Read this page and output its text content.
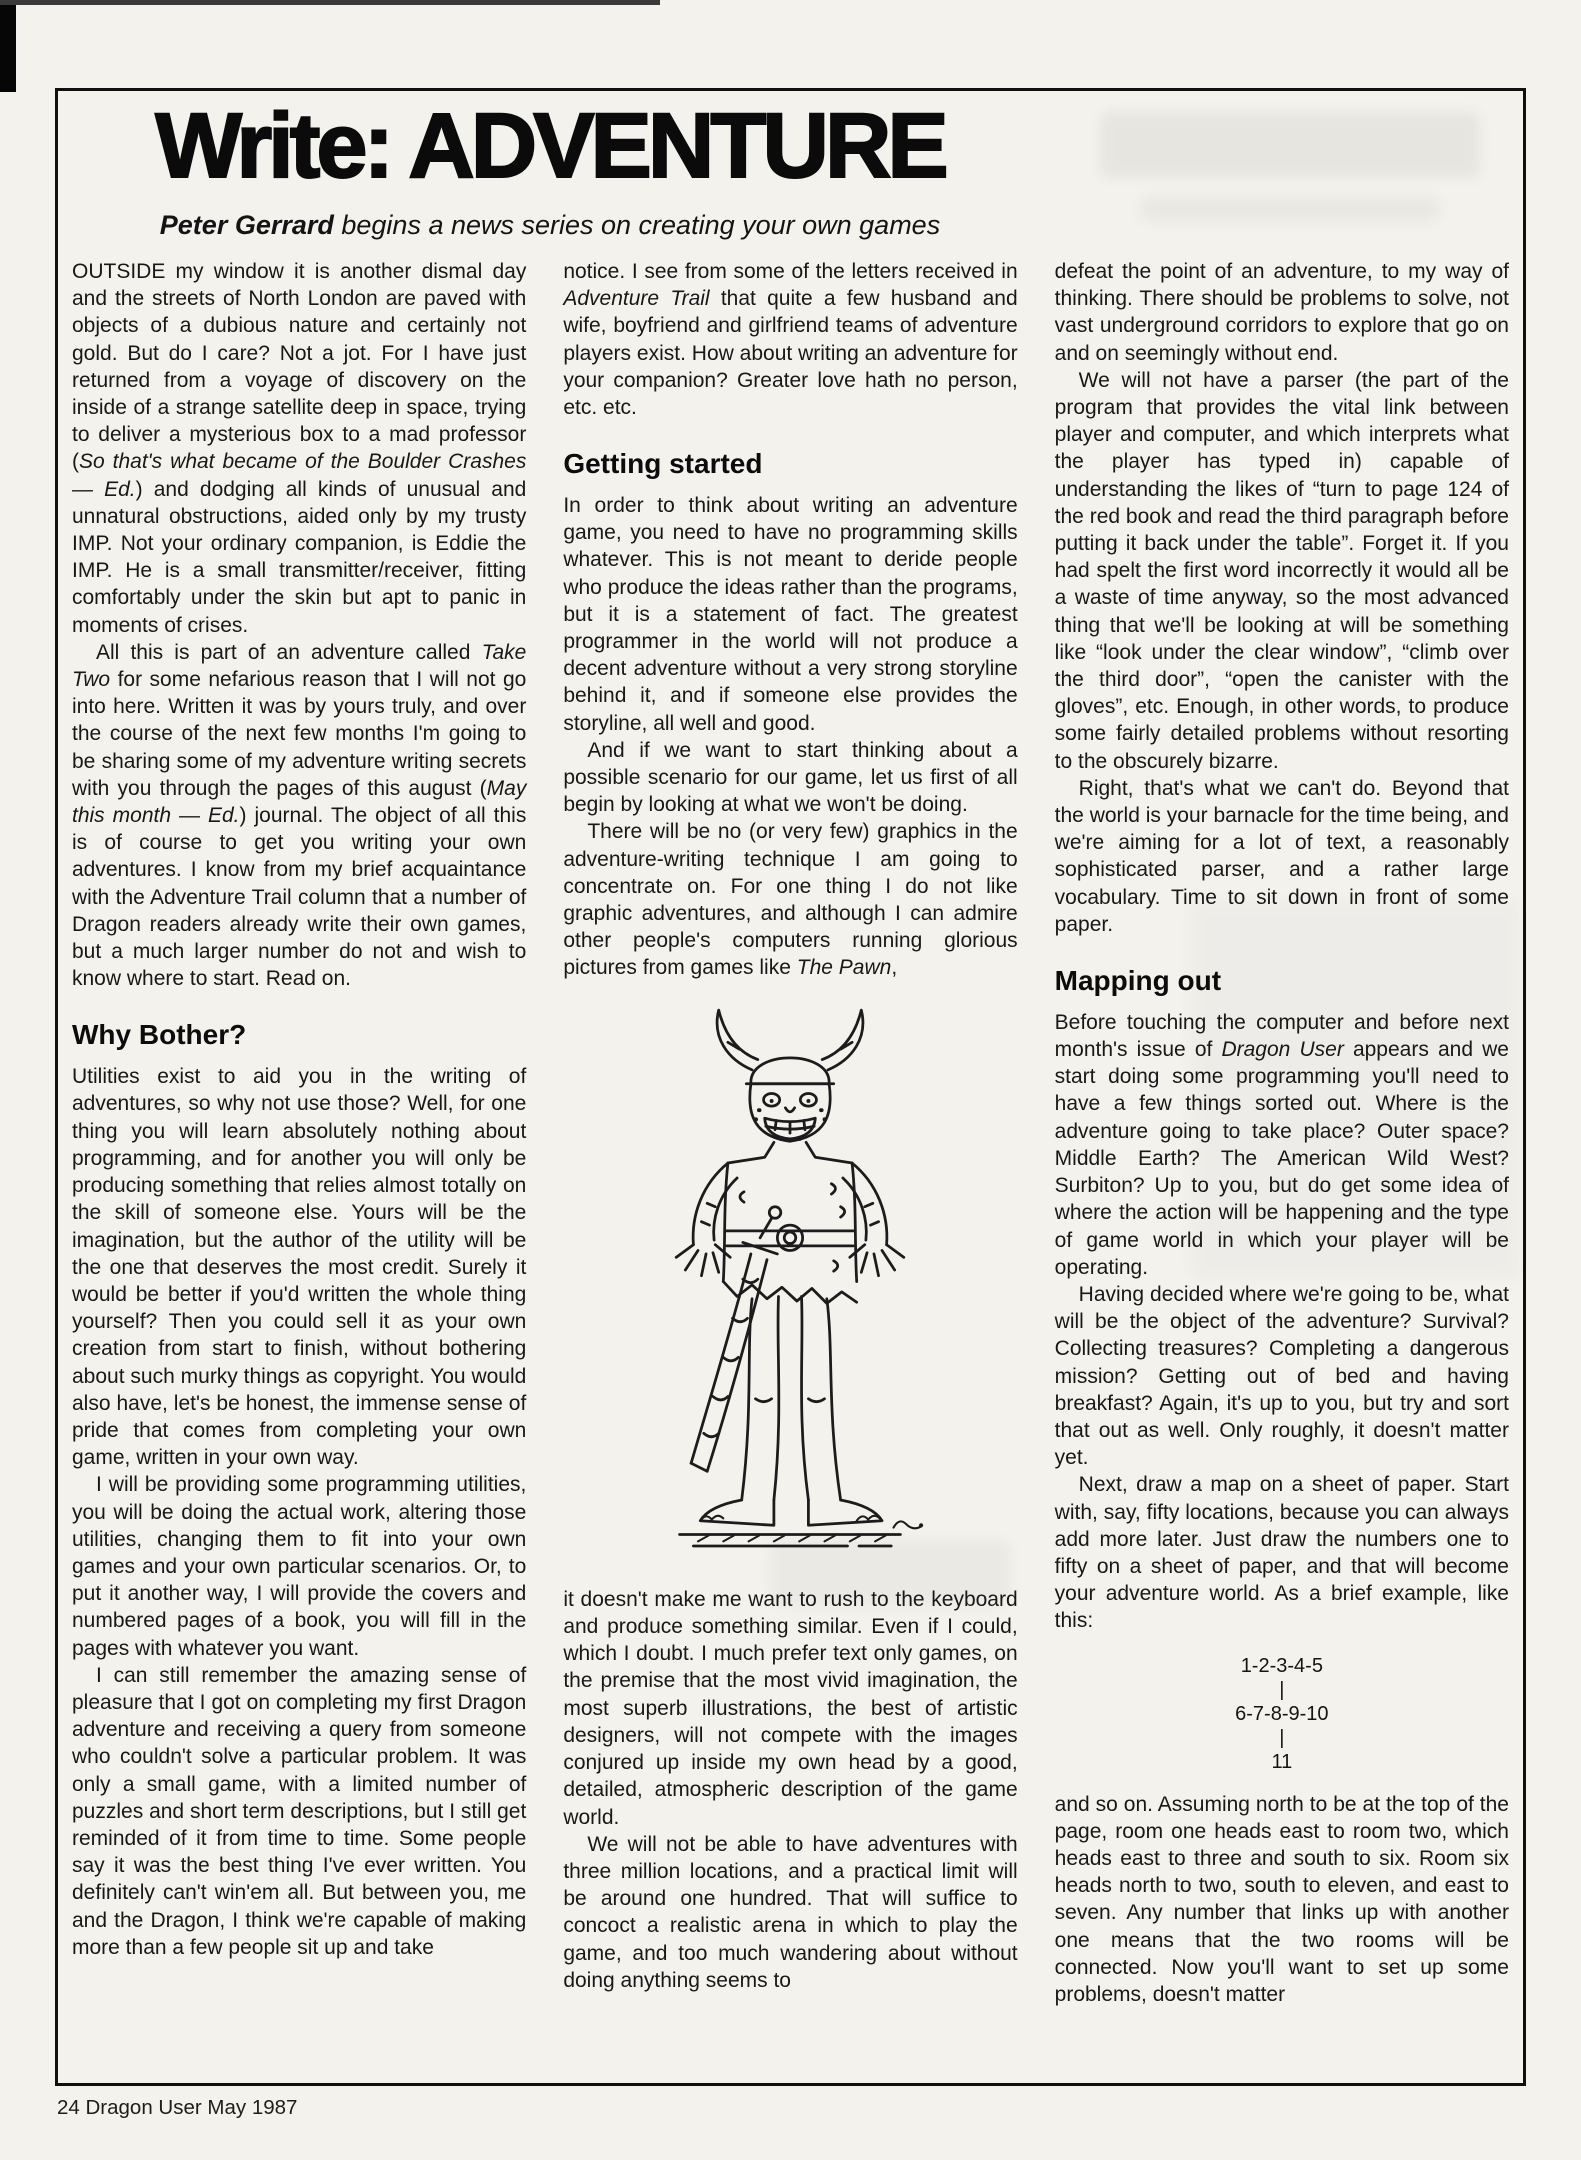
Write: ADVENTURE

Peter Gerrard begins a news series on creating your own games

OUTSIDE my window it is another dismal day and the streets of North London are paved with objects of a dubious nature and certainly not gold. But do I care? Not a jot. For I have just returned from a voyage of discovery on the inside of a strange satellite deep in space, trying to deliver a mysterious box to a mad professor (So that's what became of the Boulder Crashes — Ed.) and dodging all kinds of unusual and unnatural obstructions, aided only by my trusty IMP. Not your ordinary companion, is Eddie the IMP. He is a small transmitter/receiver, fitting comfortably under the skin but apt to panic in moments of crises.

All this is part of an adventure called Take Two for some nefarious reason that I will not go into here. Written it was by yours truly, and over the course of the next few months I'm going to be sharing some of my adventure writing secrets with you through the pages of this august (May this month — Ed.) journal. The object of all this is of course to get you writing your own adventures. I know from my brief acquaintance with the Adventure Trail column that a number of Dragon readers already write their own games, but a much larger number do not and wish to know where to start. Read on.

Why Bother?

Utilities exist to aid you in the writing of adventures, so why not use those? Well, for one thing you will learn absolutely nothing about programming, and for another you will only be producing something that relies almost totally on the skill of someone else. Yours will be the imagination, but the author of the utility will be the one that deserves the most credit. Surely it would be better if you'd written the whole thing yourself? Then you could sell it as your own creation from start to finish, without bothering about such murky things as copyright. You would also have, let's be honest, the immense sense of pride that comes from completing your own game, written in your own way.

I will be providing some programming utilities, you will be doing the actual work, altering those utilities, changing them to fit into your own games and your own particular scenarios. Or, to put it another way, I will provide the covers and numbered pages of a book, you will fill in the pages with whatever you want.

I can still remember the amazing sense of pleasure that I got on completing my first Dragon adventure and receiving a query from someone who couldn't solve a particular problem. It was only a small game, with a limited number of puzzles and short term descriptions, but I still get reminded of it from time to time. Some people say it was the best thing I've ever written. You definitely can't win'em all. But between you, me and the Dragon, I think we're capable of making more than a few people sit up and take

notice. I see from some of the letters received in Adventure Trail that quite a few husband and wife, boyfriend and girlfriend teams of adventure players exist. How about writing an adventure for your companion? Greater love hath no person, etc. etc.

Getting started

In order to think about writing an adventure game, you need to have no programming skills whatever. This is not meant to deride people who produce the ideas rather than the programs, but it is a statement of fact. The greatest programmer in the world will not produce a decent adventure without a very strong storyline behind it, and if someone else provides the storyline, all well and good.

And if we want to start thinking about a possible scenario for our game, let us first of all begin by looking at what we won't be doing.

There will be no (or very few) graphics in the adventure-writing technique I am going to concentrate on. For one thing I do not like graphic adventures, and although I can admire other people's computers running glorious pictures from games like The Pawn,

it doesn't make me want to rush to the keyboard and produce something similar. Even if I could, which I doubt. I much prefer text only games, on the premise that the most vivid imagination, the most superb illustrations, the best of artistic designers, will not compete with the images conjured up inside my own head by a good, detailed, atmospheric description of the game world.

We will not be able to have adventures with three million locations, and a practical limit will be around one hundred. That will suffice to concoct a realistic arena in which to play the game, and too much wandering about without doing anything seems to

defeat the point of an adventure, to my way of thinking. There should be problems to solve, not vast underground corridors to explore that go on and on seemingly without end.

We will not have a parser (the part of the program that provides the vital link between player and computer, and which interprets what the player has typed in) capable of understanding the likes of “turn to page 124 of the red book and read the third paragraph before putting it back under the table”. Forget it. If you had spelt the first word incorrectly it would all be a waste of time anyway, so the most advanced thing that we'll be looking at will be something like “look under the clear window”, “climb over the third door”, “open the canister with the gloves”, etc. Enough, in other words, to produce some fairly detailed problems without resorting to the obscurely bizarre.

Right, that's what we can't do. Beyond that the world is your barnacle for the time being, and we're aiming for a lot of text, a reasonably sophisticated parser, and a rather large vocabulary. Time to sit down in front of some paper.

Mapping out

Before touching the computer and before next month's issue of Dragon User appears and we start doing some programming you'll need to have a few things sorted out. Where is the adventure going to take place? Outer space? Middle Earth? The American Wild West? Surbiton? Up to you, but do get some idea of where the action will be happening and the type of game world in which your player will be operating.

Having decided where we're going to be, what will be the object of the adventure? Survival? Collecting treasures? Completing a dangerous mission? Getting out of bed and having breakfast? Again, it's up to you, but try and sort that out as well. Only roughly, it doesn't matter yet.

Next, draw a map on a sheet of paper. Start with, say, fifty locations, because you can always add more later. Just draw the numbers one to fifty on a sheet of paper, and that will become your adventure world. As a brief example, like this:

1-2-3-4-5
|
6-7-8-9-10
|
11

and so on. Assuming north to be at the top of the page, room one heads east to room two, which heads east to three and south to six. Room six heads north to two, south to eleven, and east to seven. Any number that links up with another one means that the two rooms will be connected. Now you'll want to set up some problems, doesn't matter

24 Dragon User May 1987
